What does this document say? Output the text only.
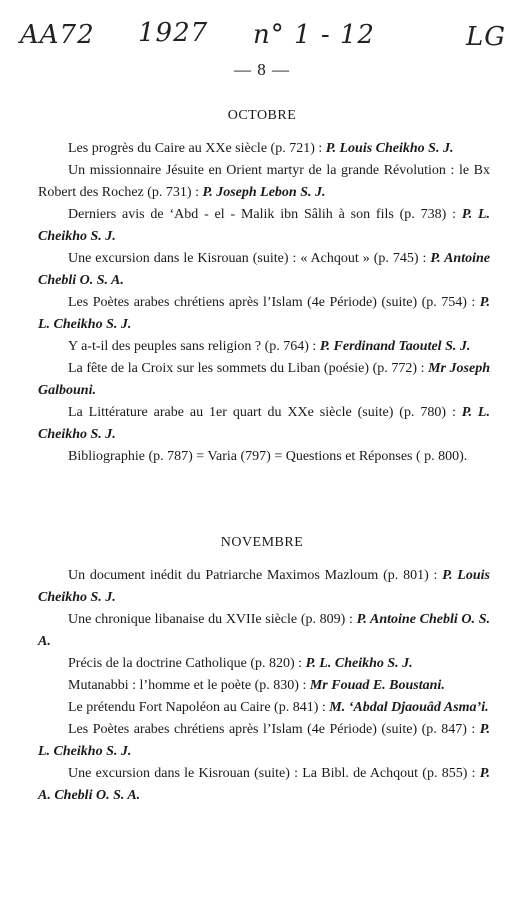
AA72 1927 n° 1 - 12	LG
— 8 —
OCTOBRE

Les progrès du Caire au XXe siècle (p. 721) : P. Louis Cheikho S. J.

Un missionnaire Jésuite en Orient martyr de la grande Révolution : le Bx Robert des Rochez (p. 731) : P. Joseph Lebon S. J.

Derniers avis de ‘Abd - el - Malik ibn Sâlih à son fils (p. 738) : P. L. Cheikho S. J.

Une excursion dans le Kisrouan (suite) : « Achqout » (p. 745) : P. Antoine Chebli O. S. A.

Les Poètes arabes chrétiens après l’Islam (4e Période) (suite) (p. 754) : P. L. Cheikho S. J.

Y a-t-il des peuples sans religion ? (p. 764) : P. Ferdinand Taoutel S. J.

La fête de la Croix sur les sommets du Liban (poésie) (p. 772) : Mr Joseph Galbouni.

La Littérature arabe au 1er quart du XXe siècle (suite) (p. 780) : P. L. Cheikho S. J.

Bibliographie (p. 787) = Varia (797) = Questions et Réponses ( p. 800).

NOVEMBRE

Un document inédit du Patriarche Maximos Mazloum (p. 801) : P. Louis Cheikho S. J.

Une chronique libanaise du XVIIe siècle (p. 809) : P. Antoine Chebli O. S. A.

Précis de la doctrine Catholique (p. 820) : P. L. Cheikho S. J.

Mutanabbi : l’homme et le poète (p. 830) : Mr Fouad E. Boustani.

Le prétendu Fort Napoléon au Caire (p. 841) : M. ‘Abdal Djaouâd Asma’i.

Les Poètes arabes chrétiens après l’Islam (4e Période) (suite) (p. 847) : P. L. Cheikho S. J.

Une excursion dans le Kisrouan (suite) : La Bibl. de Achqout (p. 855) : P. A. Chebli O. S. A.
